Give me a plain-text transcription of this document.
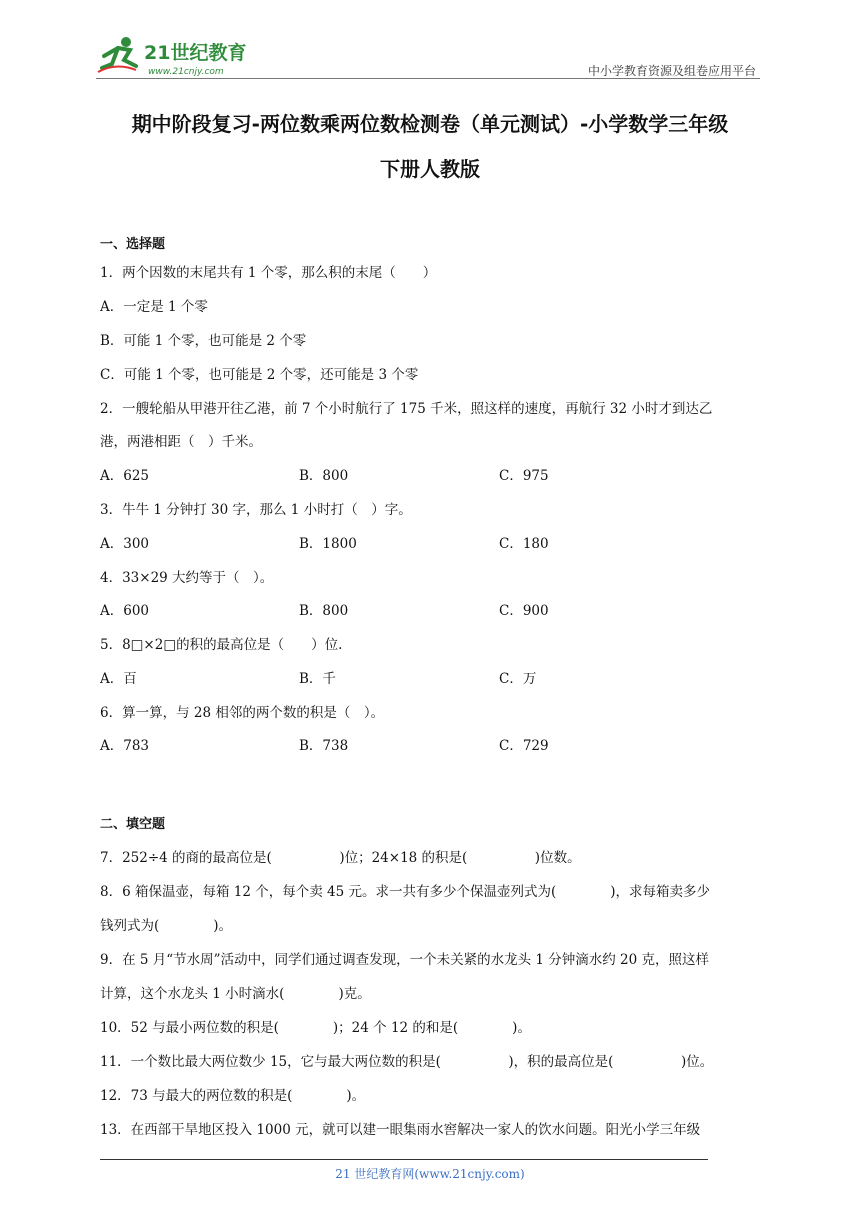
21世纪教育
www.21cnjy.com	中小学教育资源及组卷应用平台
期中阶段复习-两位数乘两位数检测卷（单元测试）-小学数学三年级
下册人教版
一、选择题
1．两个因数的末尾共有 1 个零，那么积的末尾（　　）
A．一定是 1 个零
B．可能 1 个零，也可能是 2 个零
C．可能 1 个零，也可能是 2 个零，还可能是 3 个零
2．一艘轮船从甲港开往乙港，前 7 个小时航行了 175 千米，照这样的速度，再航行 32 小时才到达乙
港，两港相距（　）千米。
A．625	B．800	C．975
3．牛牛 1 分钟打 30 字，那么 1 小时打（　）字。
A．300	B．1800	C．180
4．33×29 大约等于（　）。
A．600	B．800	C．900
5．8□×2□的积的最高位是（　　）位.
A．百	B．千	C．万
6．算一算，与 28 相邻的两个数的积是（　）。
A．783	B．738	C．729
二、填空题
7．252÷4 的商的最高位是(　　　　　)位；24×18 的积是(　　　　　)位数。
8．6 箱保温壶，每箱 12 个，每个卖 45 元。求一共有多少个保温壶列式为(　　　　)，求每箱卖多少
钱列式为(　　　　)。
9．在 5 月“节水周”活动中，同学们通过调查发现，一个未关紧的水龙头 1 分钟滴水约 20 克，照这样
计算，这个水龙头 1 小时滴水(　　　　)克。
10．52 与最小两位数的积是(　　　　)；24 个 12 的和是(　　　　)。
11．一个数比最大两位数少 15，它与最大两位数的积是(　　　　　)，积的最高位是(　　　　　)位。
12．73 与最大的两位数的积是(　　　　)。
13．在西部干旱地区投入 1000 元，就可以建一眼集雨水窖解决一家人的饮水问题。阳光小学三年级
21 世纪教育网(www.21cnjy.com)
